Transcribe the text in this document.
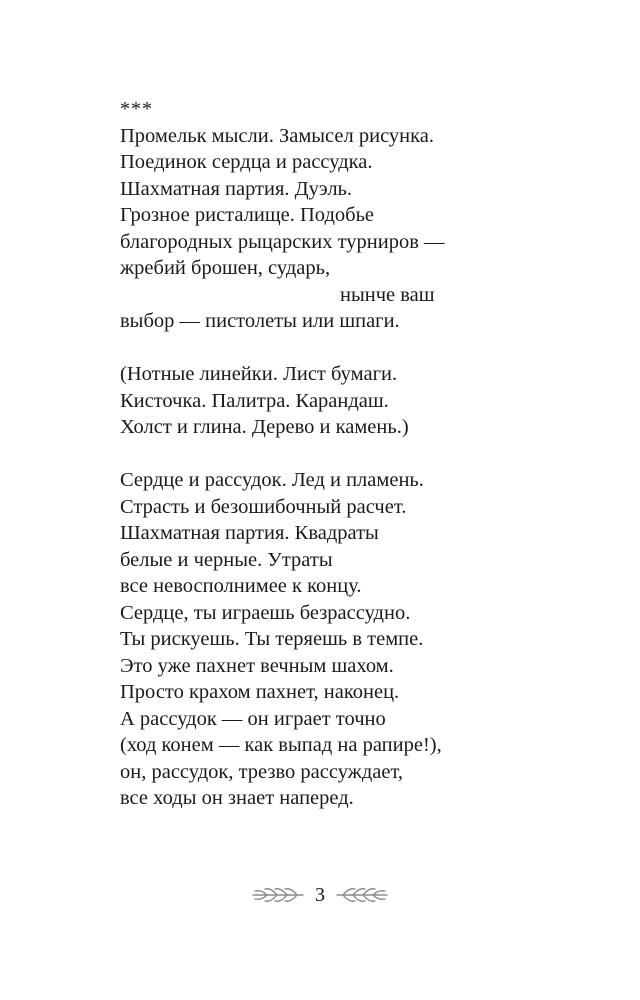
***
Промельк мысли. Замысел рисунка.
Поединок сердца и рассудка.
Шахматная партия. Дуэль.
Грозное ристалище. Подобье
благородных рыцарских турниров —
жребий брошен, сударь,
нынче ваш
выбор — пистолеты или шпаги.
(Нотные линейки. Лист бумаги.
Кисточка. Палитра. Карандаш.
Холст и глина. Дерево и камень.)
Сердце и рассудок. Лед и пламень.
Страсть и безошибочный расчет.
Шахматная партия. Квадраты
белые и черные. Утраты
все невосполнимее к концу.
Сердце, ты играешь безрассудно.
Ты рискуешь. Ты теряешь в темпе.
Это уже пахнет вечным шахом.
Просто крахом пахнет, наконец.
А рассудок — он играет точно
(ход конем — как выпад на рапире!),
он, рассудок, трезво рассуждает,
все ходы он знает наперед.
3
